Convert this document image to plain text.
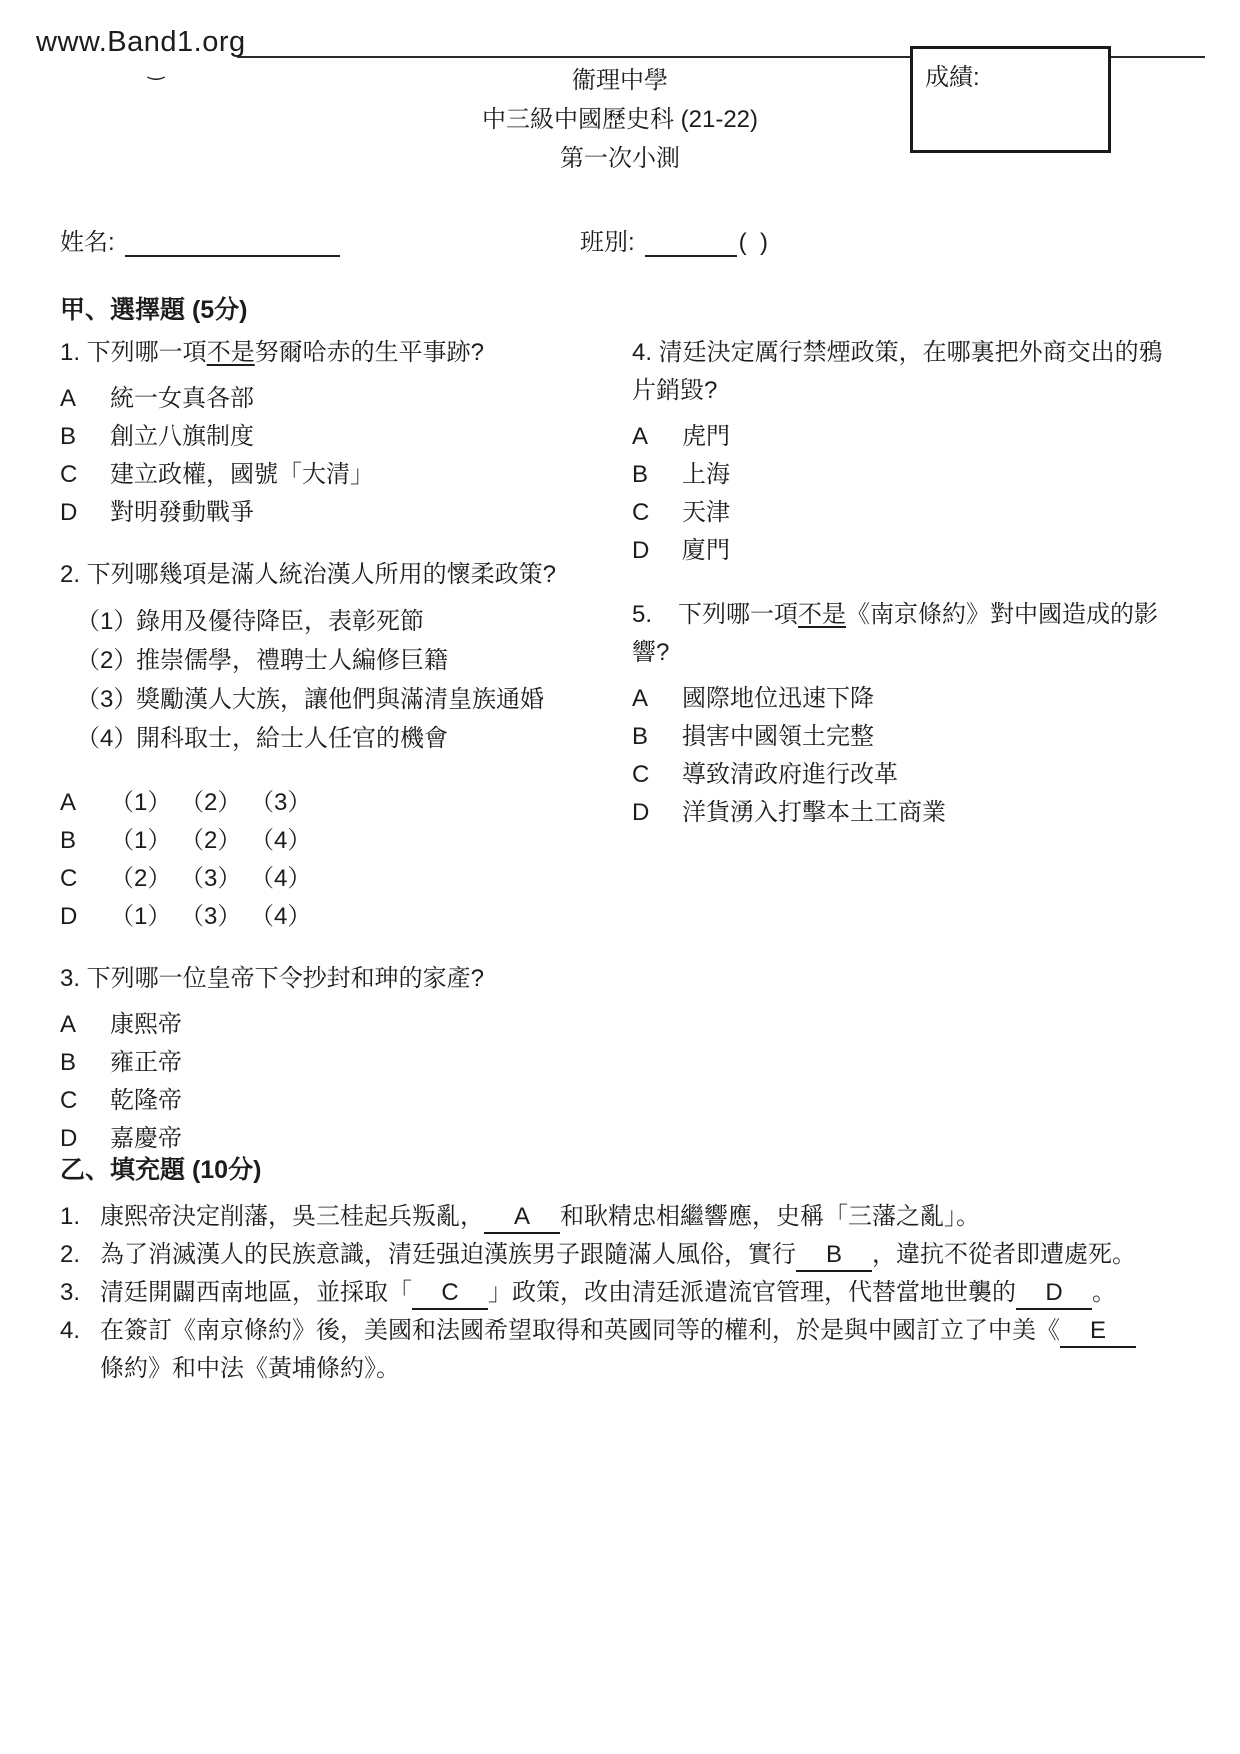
www.Band1.org
‿	成績:
衞理中學
中三級中國歷史科 (21-22)
第一次小測
姓名:	班別:	(  )
甲、選擇題 (5分)
1. 下列哪一項不是努爾哈赤的生平事跡?
A	統一女真各部
B	創立八旗制度
C	建立政權，國號「大清」
D	對明發動戰爭
2. 下列哪幾項是滿人統治漢人所用的懷柔政策?
（1）
錄用及優待降臣，表彰死節
（2）
推崇儒學，禮聘士人編修巨籍
（3）
獎勵漢人大族，讓他們與滿清皇族通婚
（4）
開科取士，給士人任官的機會
A	（1） （2） （3）
B	（1） （2） （4）
C	（2） （3） （4）
D	（1） （3） （4）
3. 下列哪一位皇帝下令抄封和珅的家產?
A	康熙帝
B	雍正帝
C	乾隆帝
D	嘉慶帝
4. 清廷決定厲行禁煙政策，在哪裏把外商交出的鴉片銷毀?
A	虎門
B	上海
C	天津
D	廈門
5. 下列哪一項不是《南京條約》對中國造成的影響?
A	國際地位迅速下降
B	損害中國領土完整
C	導致清政府進行改革
D	洋貨湧入打擊本土工商業
乙、填充題 (10分)
1. 康熙帝決定削藩，吳三桂起兵叛亂， A 和耿精忠相繼響應，史稱「三藩之亂」。
2. 為了消滅漢人的民族意識，清廷强迫漢族男子跟隨滿人風俗，實行 B ，違抗不從者即遭處死。
3. 清廷開闢西南地區，並採取「 C 」政策，改由清廷派遣流官管理，代替當地世襲的 D 。
4. 在簽訂《南京條約》後，美國和法國希望取得和英國同等的權利，於是與中國訂立了中美《 E條約》和中法《黃埔條約》。
